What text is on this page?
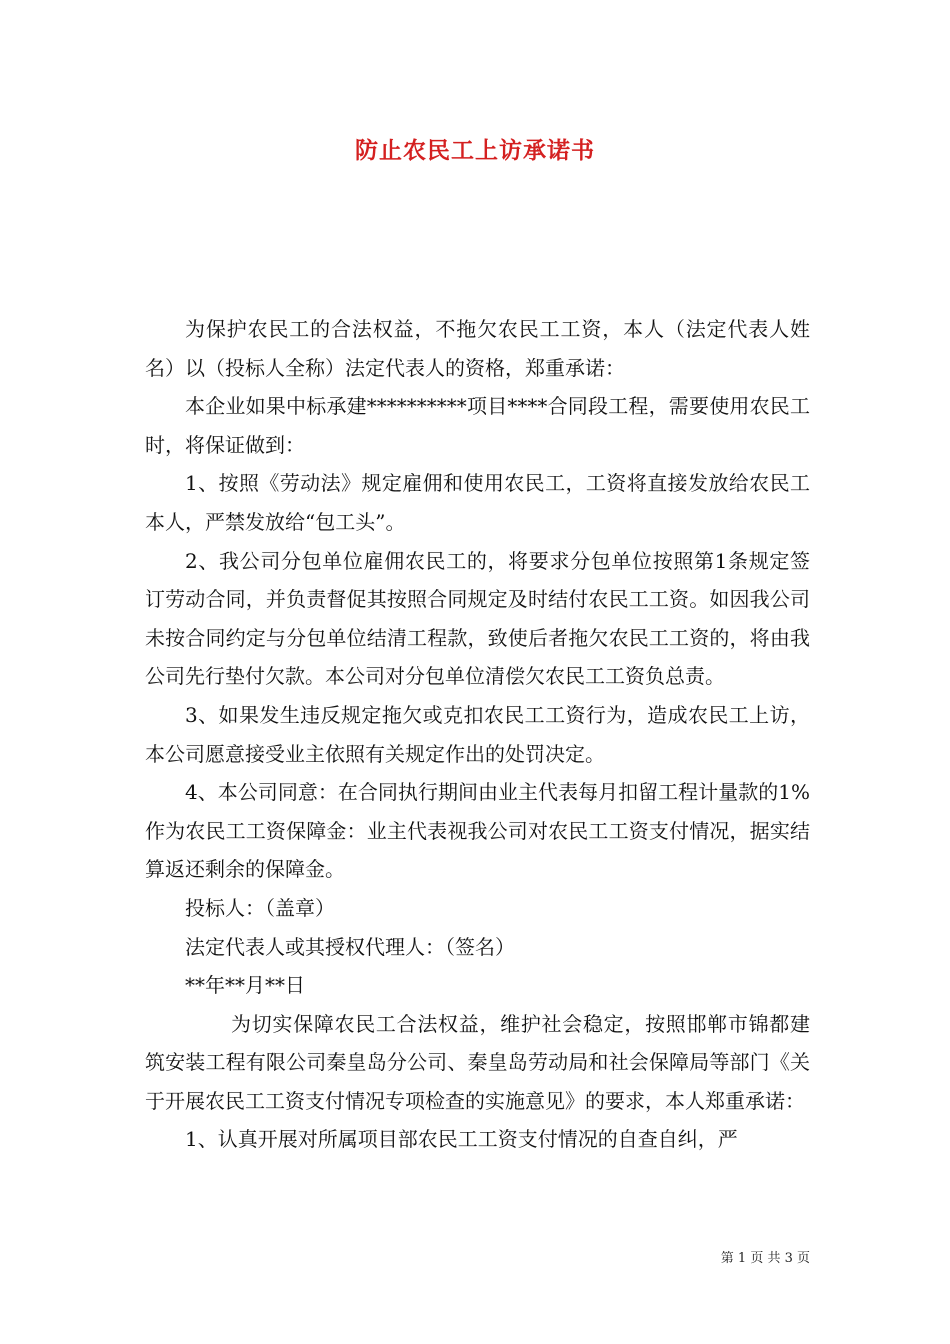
防止农民工上访承诺书

为保护农民工的合法权益，不拖欠农民工工资，本人（法定代表人姓名）以（投标人全称）法定代表人的资格，郑重承诺：

本企业如果中标承建**********项目****合同段工程，需要使用农民工时，将保证做到：

1、按照《劳动法》规定雇佣和使用农民工，工资将直接发放给农民工本人，严禁发放给“包工头”。

2、我公司分包单位雇佣农民工的，将要求分包单位按照第1条规定签订劳动合同，并负责督促其按照合同规定及时结付农民工工资。如因我公司未按合同约定与分包单位结清工程款，致使后者拖欠农民工工资的，将由我公司先行垫付欠款。本公司对分包单位清偿欠农民工工资负总责。

3、如果发生违反规定拖欠或克扣农民工工资行为，造成农民工上访，本公司愿意接受业主依照有关规定作出的处罚决定。

4、本公司同意：在合同执行期间由业主代表每月扣留工程计量款的1%作为农民工工资保障金：业主代表视我公司对农民工工资支付情况，据实结算返还剩余的保障金。

投标人：（盖章）

法定代表人或其授权代理人：（签名）

**年**月**日

为切实保障农民工合法权益，维护社会稳定，按照邯郸市锦都建筑安装工程有限公司秦皇岛分公司、秦皇岛劳动局和社会保障局等部门《关于开展农民工工资支付情况专项检查的实施意见》的要求，本人郑重承诺：

1、认真开展对所属项目部农民工工资支付情况的自查自纠，严

第 1 页 共 3 页
